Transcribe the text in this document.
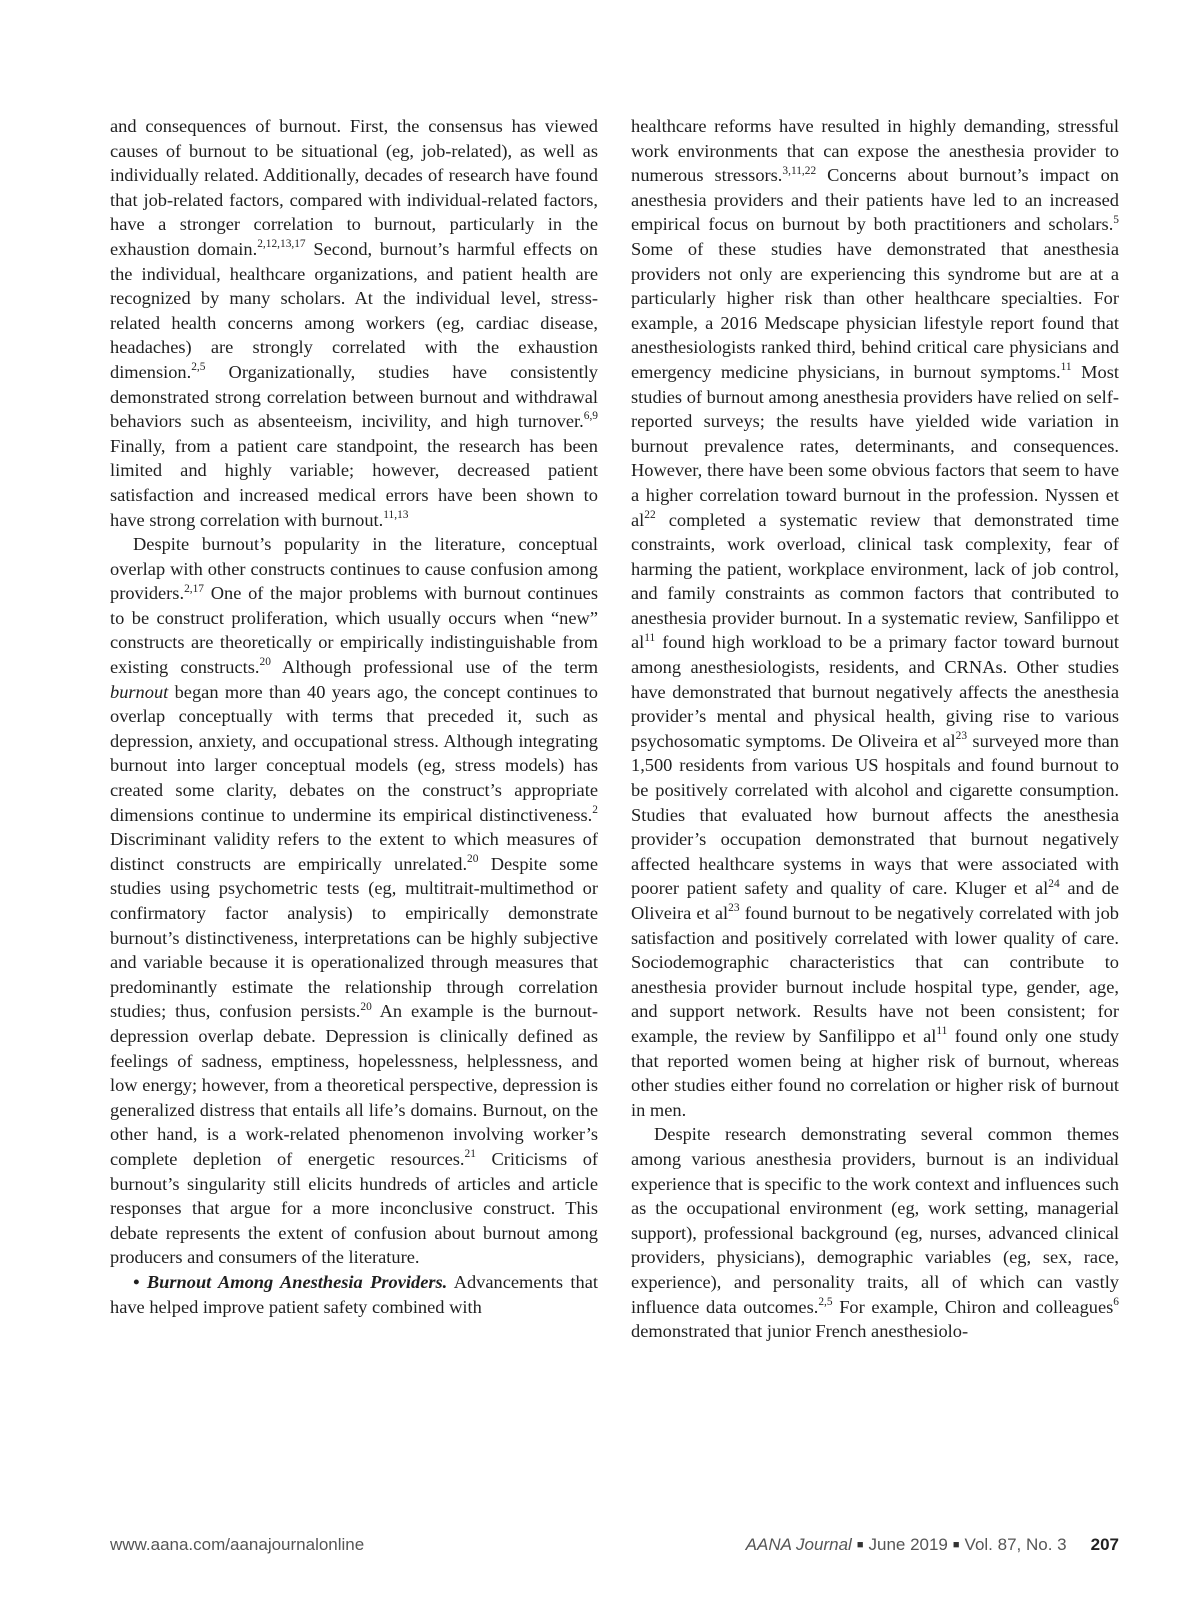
and consequences of burnout. First, the consensus has viewed causes of burnout to be situational (eg, job-related), as well as individually related. Additionally, decades of research have found that job-related factors, compared with individual-related factors, have a stronger correlation to burnout, particularly in the exhaustion domain.$^{2,12,13,17}$ Second, burnout’s harmful effects on the individual, healthcare organizations, and patient health are recognized by many scholars. At the individual level, stress-related health concerns among workers (eg, cardiac disease, headaches) are strongly correlated with the exhaustion dimension.$^{2,5}$ Organizationally, studies have consistently demonstrated strong correlation between burnout and withdrawal behaviors such as absenteeism, incivility, and high turnover.$^{6,9}$ Finally, from a patient care standpoint, the research has been limited and highly variable; however, decreased patient satisfaction and increased medical errors have been shown to have strong correlation with burnout.$^{11,13}$

Despite burnout’s popularity in the literature, conceptual overlap with other constructs continues to cause confusion among providers.$^{2,17}$ One of the major problems with burnout continues to be construct proliferation, which usually occurs when “new” constructs are theoretically or empirically indistinguishable from existing constructs.$^{20}$ Although professional use of the term burnout began more than 40 years ago, the concept continues to overlap conceptually with terms that preceded it, such as depression, anxiety, and occupational stress. Although integrating burnout into larger conceptual models (eg, stress models) has created some clarity, debates on the construct’s appropriate dimensions continue to undermine its empirical distinctiveness.$^2$ Discriminant validity refers to the extent to which measures of distinct constructs are empirically unrelated.$^{20}$ Despite some studies using psychometric tests (eg, multitrait-multimethod or confirmatory factor analysis) to empirically demonstrate burnout’s distinctiveness, interpretations can be highly subjective and variable because it is operationalized through measures that predominantly estimate the relationship through correlation studies; thus, confusion persists.$^{20}$ An example is the burnout-depression overlap debate. Depression is clinically defined as feelings of sadness, emptiness, hopelessness, helplessness, and low energy; however, from a theoretical perspective, depression is generalized distress that entails all life’s domains. Burnout, on the other hand, is a work-related phenomenon involving worker’s complete depletion of energetic resources.$^{21}$ Criticisms of burnout’s singularity still elicits hundreds of articles and article responses that argue for a more inconclusive construct. This debate represents the extent of confusion about burnout among producers and consumers of the literature.

• Burnout Among Anesthesia Providers. Advancements that have helped improve patient safety combined with

healthcare reforms have resulted in highly demanding, stressful work environments that can expose the anesthesia provider to numerous stressors.$^{3,11,22}$ Concerns about burnout’s impact on anesthesia providers and their patients have led to an increased empirical focus on burnout by both practitioners and scholars.$^5$ Some of these studies have demonstrated that anesthesia providers not only are experiencing this syndrome but are at a particularly higher risk than other healthcare specialties. For example, a 2016 Medscape physician lifestyle report found that anesthesiologists ranked third, behind critical care physicians and emergency medicine physicians, in burnout symptoms.$^{11}$ Most studies of burnout among anesthesia providers have relied on self-reported surveys; the results have yielded wide variation in burnout prevalence rates, determinants, and consequences. However, there have been some obvious factors that seem to have a higher correlation toward burnout in the profession. Nyssen et $al^{22}$ completed a systematic review that demonstrated time constraints, work overload, clinical task complexity, fear of harming the patient, workplace environment, lack of job control, and family constraints as common factors that contributed to anesthesia provider burnout. In a systematic review, Sanfilippo et $al^{11}$ found high workload to be a primary factor toward burnout among anesthesiologists, residents, and CRNAs. Other studies have demonstrated that burnout negatively affects the anesthesia provider’s mental and physical health, giving rise to various psychosomatic symptoms. De Oliveira et $al^{23}$ surveyed more than 1,500 residents from various US hospitals and found burnout to be positively correlated with alcohol and cigarette consumption. Studies that evaluated how burnout affects the anesthesia provider’s occupation demonstrated that burnout negatively affected healthcare systems in ways that were associated with poorer patient safety and quality of care. Kluger et $al^{24}$ and de Oliveira et $al^{23}$ found burnout to be negatively correlated with job satisfaction and positively correlated with lower quality of care. Sociodemographic characteristics that can contribute to anesthesia provider burnout include hospital type, gender, age, and support network. Results have not been consistent; for example, the review by Sanfilippo et $al^{11}$ found only one study that reported women being at higher risk of burnout, whereas other studies either found no correlation or higher risk of burnout in men.

Despite research demonstrating several common themes among various anesthesia providers, burnout is an individual experience that is specific to the work context and influences such as the occupational environment (eg, work setting, managerial support), professional background (eg, nurses, advanced clinical providers, physicians), demographic variables (eg, sex, race, experience), and personality traits, all of which can vastly influence data outcomes.$^{2,5}$ For example, Chiron and colleagues$^6$ demonstrated that junior French anesthesiolo-

www.aana.com/aanajournalonline	AANA Journal ■ June 2019 ■ Vol. 87, No. 3 207
